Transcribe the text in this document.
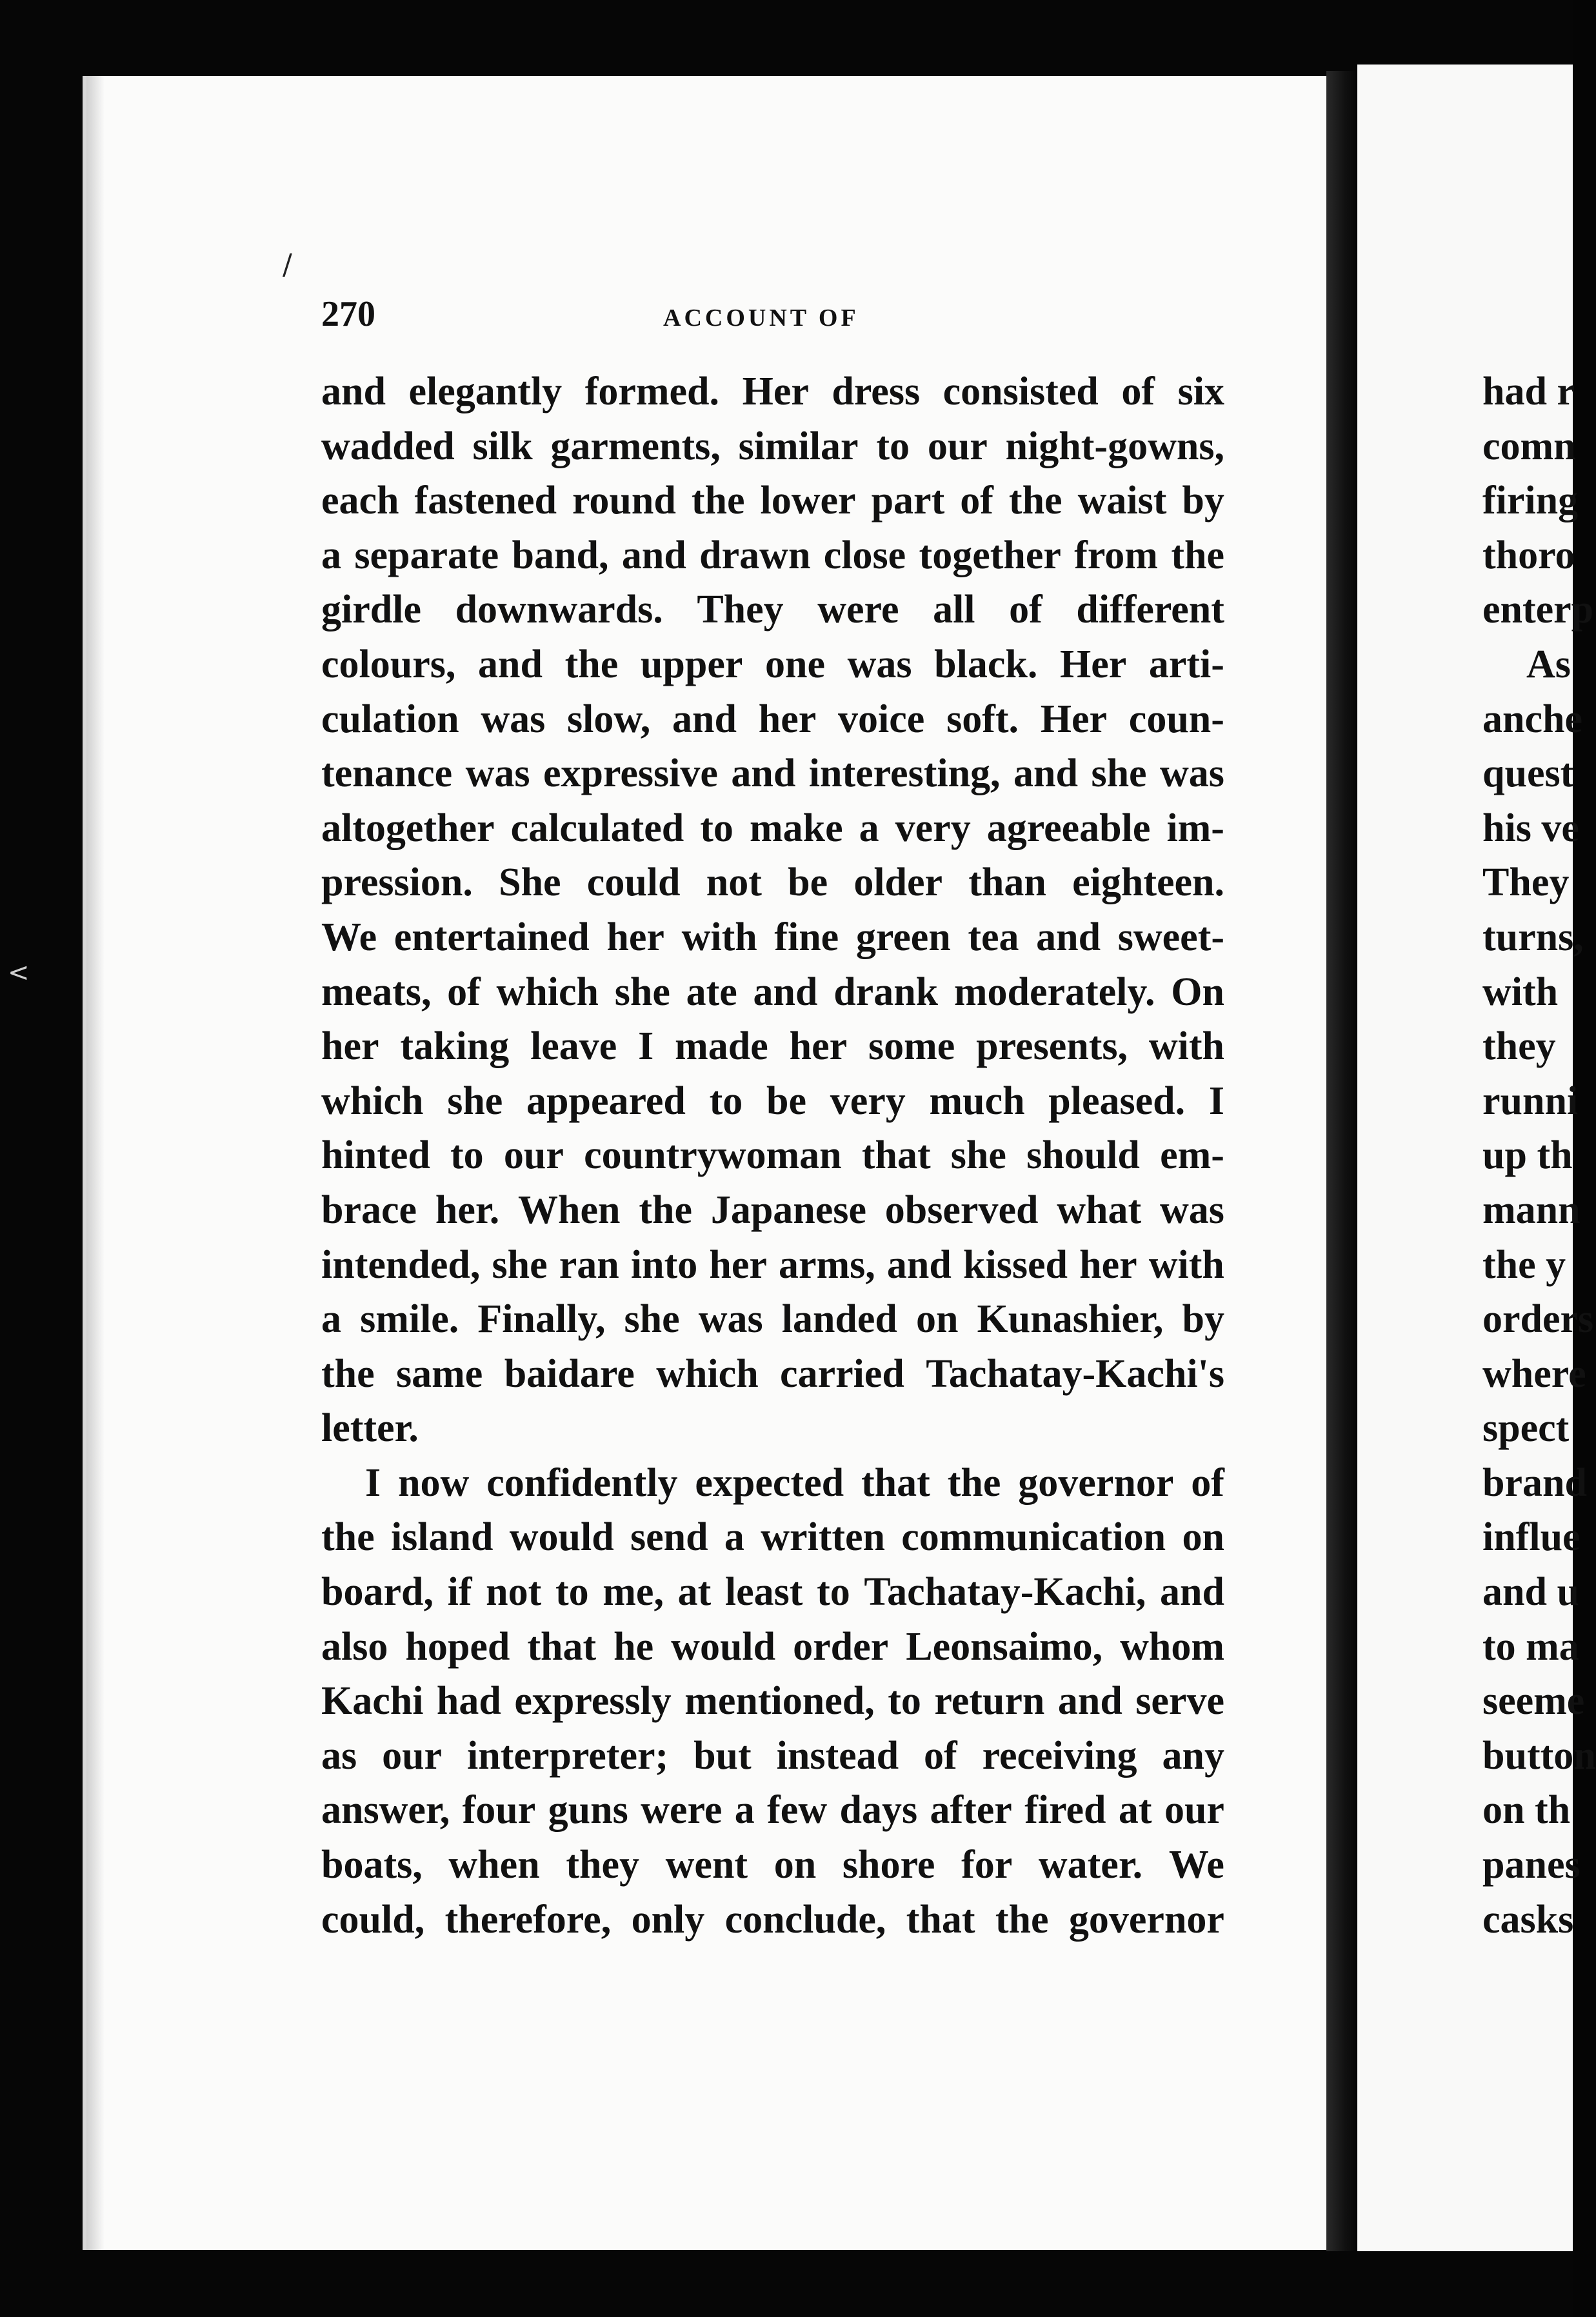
<
/
270	ACCOUNT OF
and elegantly formed. Her dress consisted of six
wadded silk garments, similar to our night-gowns,
each fastened round the lower part of the waist by
a separate band, and drawn close together from the
girdle downwards. They were all of different
colours, and the upper one was black. Her arti-
culation was slow, and her voice soft. Her coun-
tenance was expressive and interesting, and she was
altogether calculated to make a very agreeable im-
pression. She could not be older than eighteen.
We entertained her with fine green tea and sweet-
meats, of which she ate and drank moderately. On
her taking leave I made her some presents, with
which she appeared to be very much pleased. I
hinted to our countrywoman that she should em-
brace her. When the Japanese observed what was
intended, she ran into her arms, and kissed her with
a smile. Finally, she was landed on Kunashier, by
the same baidare which carried Tachatay-Kachi's
letter.
I now confidently expected that the governor of
the island would send a written communication on
board, if not to me, at least to Tachatay-Kachi, and
also hoped that he would order Leonsaimo, whom
Kachi had expressly mentioned, to return and serve
as our interpreter; but instead of receiving any
answer, four guns were a few days after fired at our
boats, when they went on shore for water. We
could, therefore, only conclude, that the governor
had r
comn
firing
thoro
enterp
As
anche
quest
his ve
They
turns,
with
they
runni
up th
mann
the y
orders
where
spect
brand
influe
and u
to ma
seeme
button
on th
panes
casks
